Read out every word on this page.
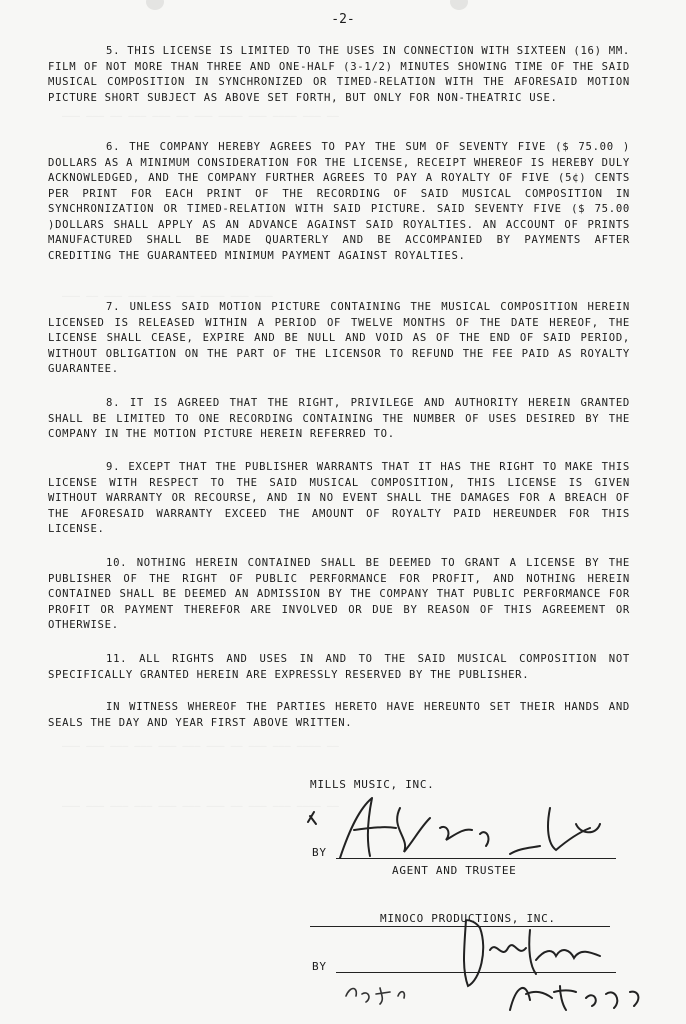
——— ——— —— ——— ——— —— ——— ———— ——— ———— ——— ——
——— —— ——— ——— ——— ——— ———— ——— ———
——— ——— ——— ——— ——— ——— ——— —— ——— ——— ———— ——
——— ——— ——— ——— ——— ——— ——— —— ——— ——— ———— ——
-2-

5. THIS LICENSE IS LIMITED TO THE USES IN CONNECTION WITH SIXTEEN (16) MM. FILM OF NOT MORE THAN THREE AND ONE-HALF (3-1/2) MINUTES SHOWING TIME OF THE SAID MUSICAL COMPOSITION IN SYNCHRONIZED OR TIMED-RELATION WITH THE AFORESAID MOTION PICTURE SHORT SUBJECT AS ABOVE SET FORTH, BUT ONLY FOR NON-THEATRIC USE.

6. THE COMPANY HEREBY AGREES TO PAY THE SUM OF SEVENTY FIVE ($ 75.00 ) DOLLARS AS A MINIMUM CONSIDERATION FOR THE LICENSE, RECEIPT WHEREOF IS HEREBY DULY ACKNOWLEDGED, AND THE COMPANY FURTHER AGREES TO PAY A ROYALTY OF FIVE (5¢) CENTS PER PRINT FOR EACH PRINT OF THE RECORDING OF SAID MUSICAL COMPOSITION IN SYNCHRONIZATION OR TIMED-RELATION WITH SAID PICTURE. SAID SEVENTY FIVE ($ 75.00 )DOLLARS SHALL APPLY AS AN ADVANCE AGAINST SAID ROYALTIES. AN ACCOUNT OF PRINTS MANUFACTURED SHALL BE MADE QUARTERLY AND BE ACCOMPANIED BY PAYMENTS AFTER CREDITING THE GUARANTEED MINIMUM PAYMENT AGAINST ROYALTIES.

7. UNLESS SAID MOTION PICTURE CONTAINING THE MUSICAL COMPOSITION HEREIN LICENSED IS RELEASED WITHIN A PERIOD OF TWELVE MONTHS OF THE DATE HEREOF, THE LICENSE SHALL CEASE, EXPIRE AND BE NULL AND VOID AS OF THE END OF SAID PERIOD, WITHOUT OBLIGATION ON THE PART OF THE LICENSOR TO REFUND THE FEE PAID AS ROYALTY GUARANTEE.

8. IT IS AGREED THAT THE RIGHT, PRIVILEGE AND AUTHORITY HEREIN GRANTED SHALL BE LIMITED TO ONE RECORDING CONTAINING THE NUMBER OF USES DESIRED BY THE COMPANY IN THE MOTION PICTURE HEREIN REFERRED TO.

9. EXCEPT THAT THE PUBLISHER WARRANTS THAT IT HAS THE RIGHT TO MAKE THIS LICENSE WITH RESPECT TO THE SAID MUSICAL COMPOSITION, THIS LICENSE IS GIVEN WITHOUT WARRANTY OR RECOURSE, AND IN NO EVENT SHALL THE DAMAGES FOR A BREACH OF THE AFORESAID WARRANTY EXCEED THE AMOUNT OF ROYALTY PAID HEREUNDER FOR THIS LICENSE.

10. NOTHING HEREIN CONTAINED SHALL BE DEEMED TO GRANT A LICENSE BY THE PUBLISHER OF THE RIGHT OF PUBLIC PERFORMANCE FOR PROFIT, AND NOTHING HEREIN CONTAINED SHALL BE DEEMED AN ADMISSION BY THE COMPANY THAT PUBLIC PERFORMANCE FOR PROFIT OR PAYMENT THEREFOR ARE INVOLVED OR DUE BY REASON OF THIS AGREEMENT OR OTHERWISE.

11. ALL RIGHTS AND USES IN AND TO THE SAID MUSICAL COMPOSITION NOT SPECIFICALLY GRANTED HEREIN ARE EXPRESSLY RESERVED BY THE PUBLISHER.

IN WITNESS WHEREOF THE PARTIES HERETO HAVE HEREUNTO SET THEIR HANDS AND SEALS THE DAY AND YEAR FIRST ABOVE WRITTEN.

MILLS MUSIC, INC.
BY
AGENT AND TRUSTEE
MINOCO PRODUCTIONS, INC.
BY
